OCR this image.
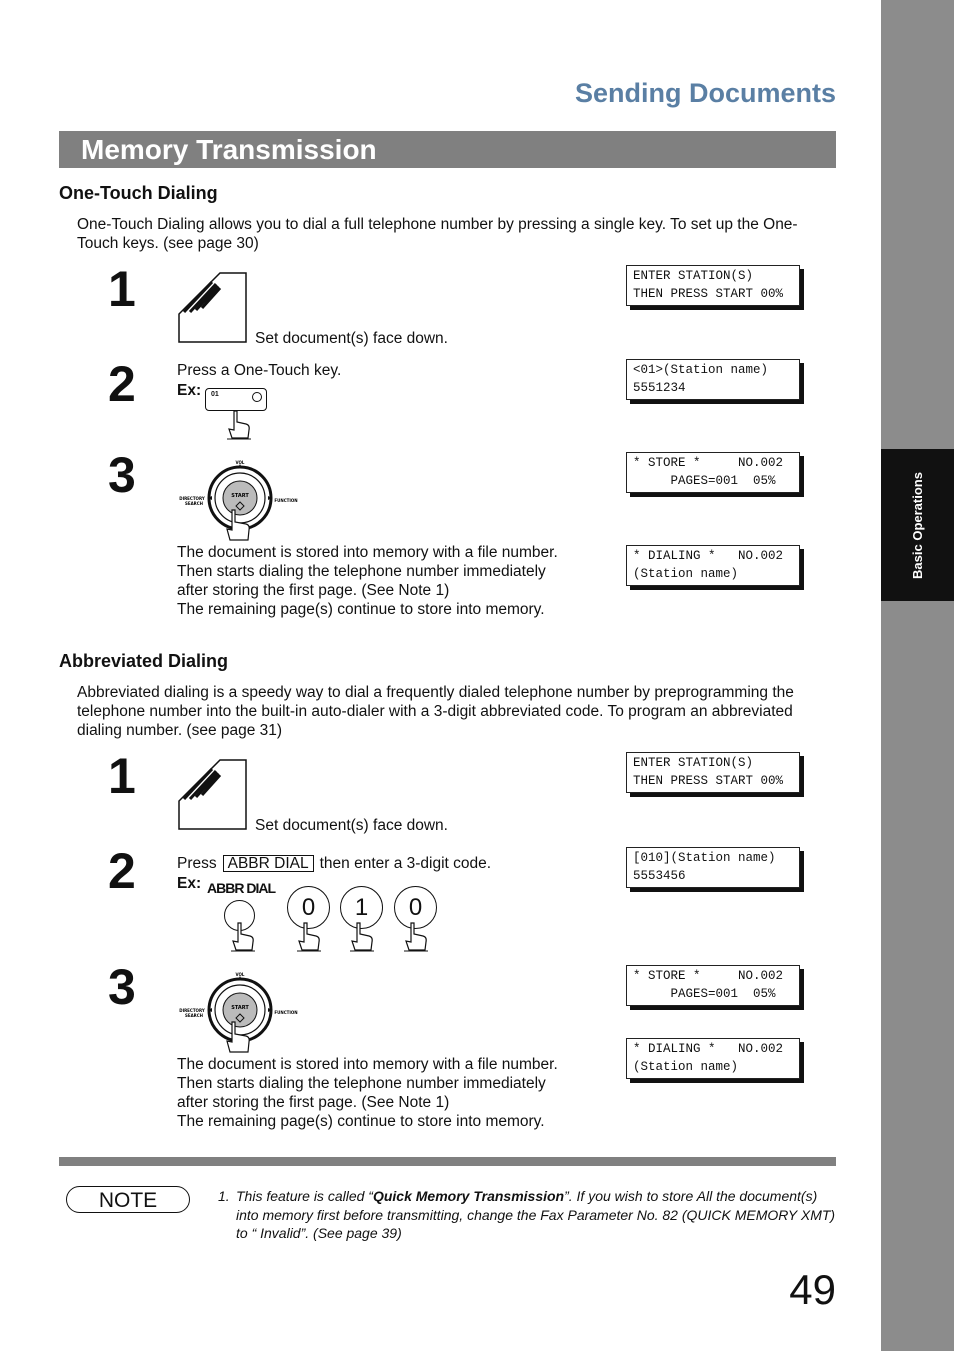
Basic Operations
Sending Documents
Memory Transmission
One-Touch Dialing
One-Touch Dialing allows you to dial a full telephone number by pressing a single key. To set up the One-
Touch keys. (see page 30)
1
Set document(s) face down.
ENTER STATION(S)
THEN PRESS START 00%
2	Press a One-Touch key.
Ex: 01
<01>(Station name)
5551234
3	START
VOL
DIRECTORY
SEARCH
FUNCTION
* STORE *     NO.002
PAGES=001  05%
* DIALING *   NO.002
(Station name)
The document is stored into memory with a file number.
Then starts dialing the telephone number immediately
after storing the first page. (See Note 1)
The remaining page(s) continue to store into memory.
Abbreviated Dialing
Abbreviated dialing is a speedy way to dial a frequently dialed telephone number by preprogramming the
telephone number into the built-in auto-dialer with a 3-digit abbreviated code. To program an abbreviated
dialing number. (see page 31)
1
Set document(s) face down.
ENTER STATION(S)
THEN PRESS START 00%
2	Press ABBR DIAL then enter a 3-digit code.
Ex: ABBR DIAL
0	1	0
[010](Station name)
5553456
3	START
VOL
DIRECTORY
SEARCH
FUNCTION
* STORE *     NO.002
PAGES=001  05%
* DIALING *   NO.002
(Station name)
The document is stored into memory with a file number.
Then starts dialing the telephone number immediately
after storing the first page. (See Note 1)
The remaining page(s) continue to store into memory.
NOTE	1. This feature is called “Quick Memory Transmission”. If you wish to store All the document(s) into memory first before transmitting, change the Fax Parameter No. 82 (QUICK MEMORY XMT) to “ Invalid”. (See page 39)
49
